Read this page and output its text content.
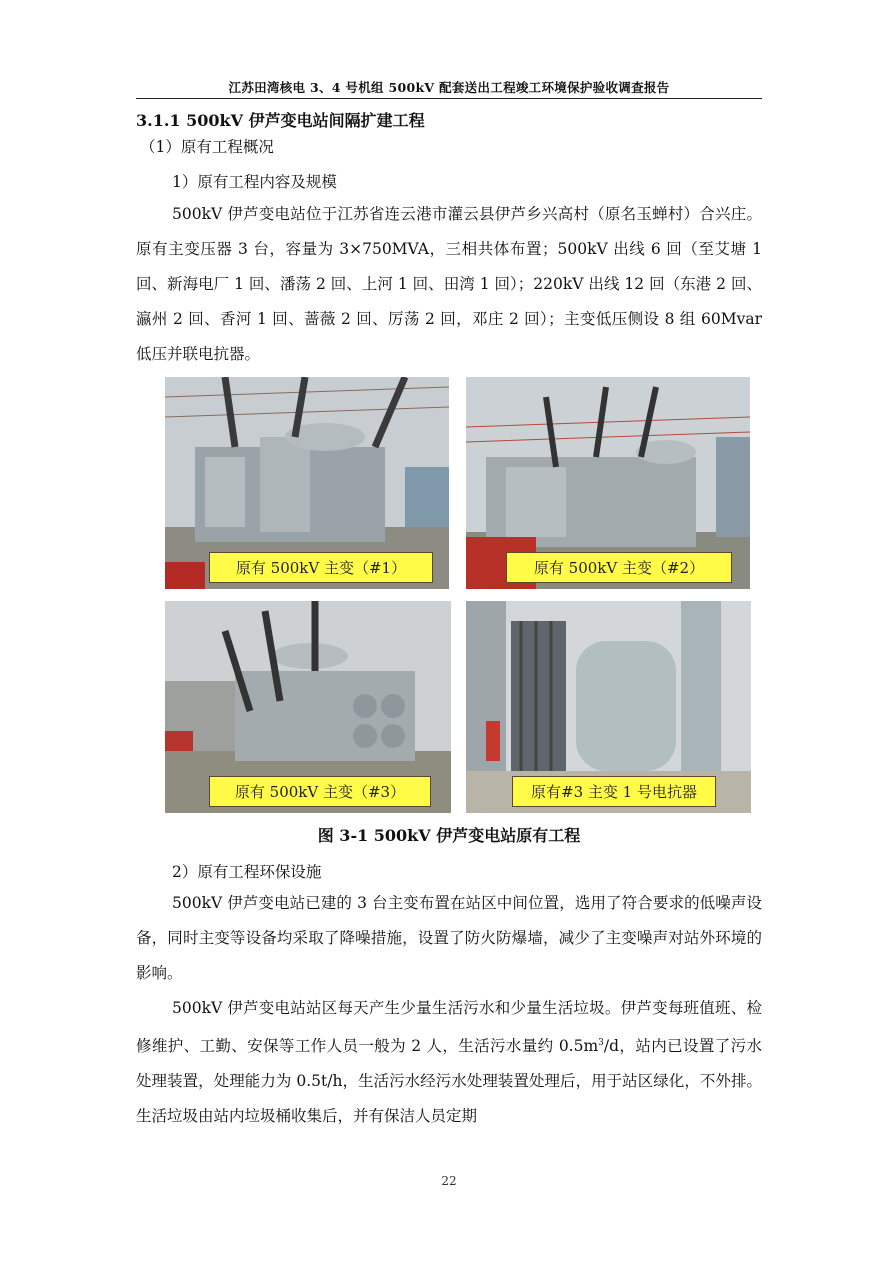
江苏田湾核电 3、4 号机组 500kV 配套送出工程竣工环境保护验收调查报告
3.1.1 500kV 伊芦变电站间隔扩建工程
（1）原有工程概况
1）原有工程内容及规模

500kV 伊芦变电站位于江苏省连云港市灌云县伊芦乡兴高村（原名玉蝉村）合兴庄。原有主变压器 3 台，容量为 3×750MVA，三相共体布置；500kV 出线 6 回（至艾塘 1 回、新海电厂 1 回、潘荡 2 回、上河 1 回、田湾 1 回）；220kV 出线 12 回（东港 2 回、瀛州 2 回、香河 1 回、蔷薇 2 回、厉荡 2 回，邓庄 2 回）；主变低压侧设 8 组 60Mvar 低压并联电抗器。

原有 500kV 主变（#1）	原有 500kV 主变（#2）
原有 500kV 主变（#3）	原有#3 主变 1 号电抗器
图 3-1 500kV 伊芦变电站原有工程
2）原有工程环保设施

500kV 伊芦变电站已建的 3 台主变布置在站区中间位置，选用了符合要求的低噪声设备，同时主变等设备均采取了降噪措施，设置了防火防爆墙，减少了主变噪声对站外环境的影响。

500kV 伊芦变电站站区每天产生少量生活污水和少量生活垃圾。伊芦变每班值班、检修维护、工勤、安保等工作人员一般为 2 人，生活污水量约 $0.5m^3/d$，站内已设置了污水处理装置，处理能力为 0.5t/h，生活污水经污水处理装置处理后，用于站区绿化，不外排。生活垃圾由站内垃圾桶收集后，并有保洁人员定期

22
